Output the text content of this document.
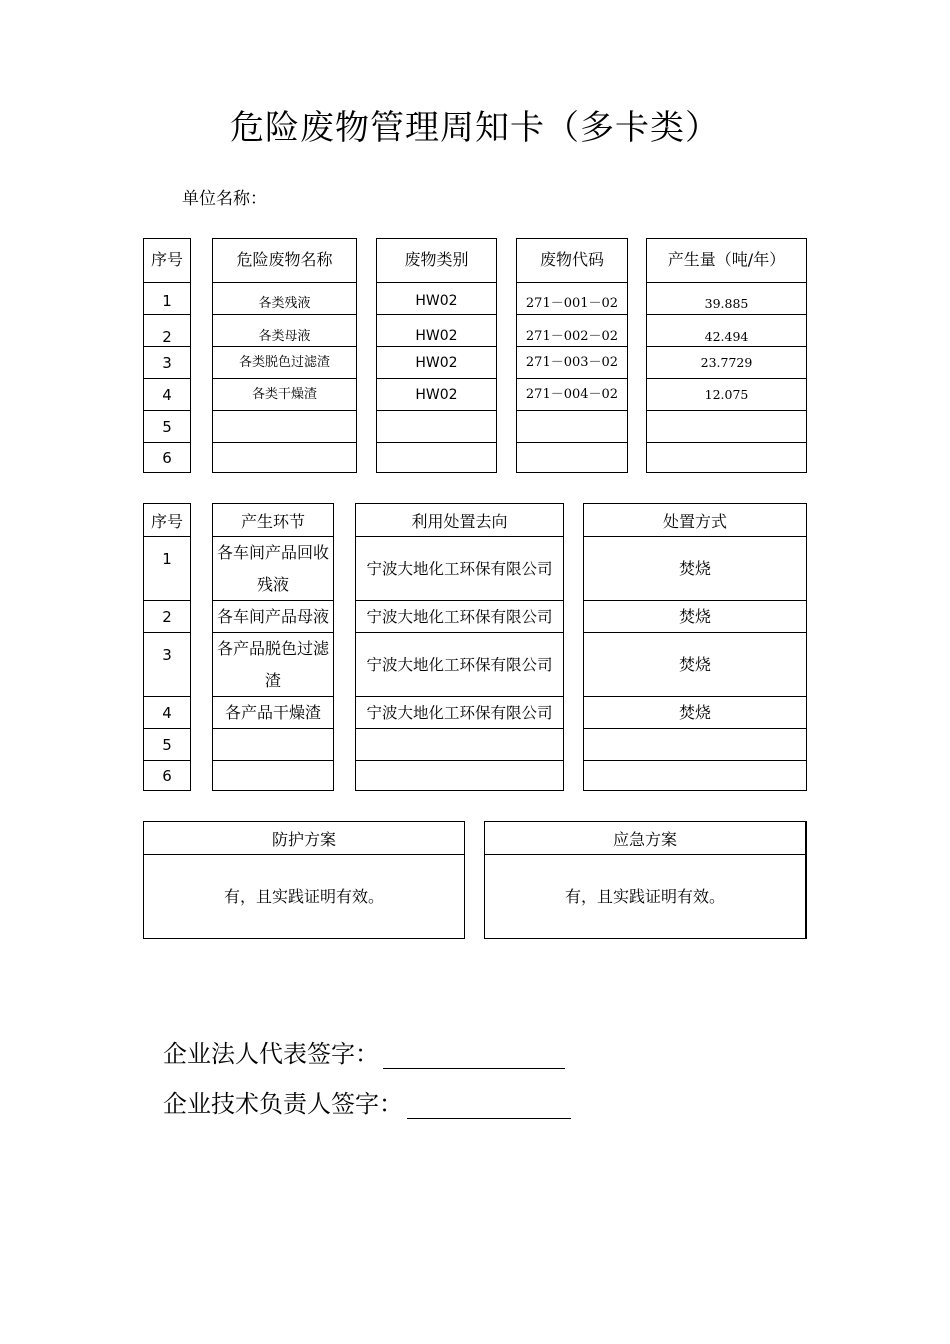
危险废物管理周知卡（多卡类）
单位名称：
序号
1
2
3
4
5
6
危险废物名称
各类残液
各类母液
各类脱色过滤渣
各类干燥渣
废物类别
HW02
HW02
HW02
HW02
废物代码
271－001－02
271－002－02
271－003－02
271－004－02
产生量（吨/年）
39.885
42.494
23.7729
12.075
序号
1
2
3
4
5
6
产生环节
各车间产品回收
残液
各车间产品母液
各产品脱色过滤
渣
各产品干燥渣
利用处置去向
宁波大地化工环保有限公司
宁波大地化工环保有限公司
宁波大地化工环保有限公司
宁波大地化工环保有限公司
处置方式
焚烧
焚烧
焚烧
焚烧
防护方案
有，且实践证明有效。
应急方案
有，且实践证明有效。
企业法人代表签字：
企业技术负责人签字：
